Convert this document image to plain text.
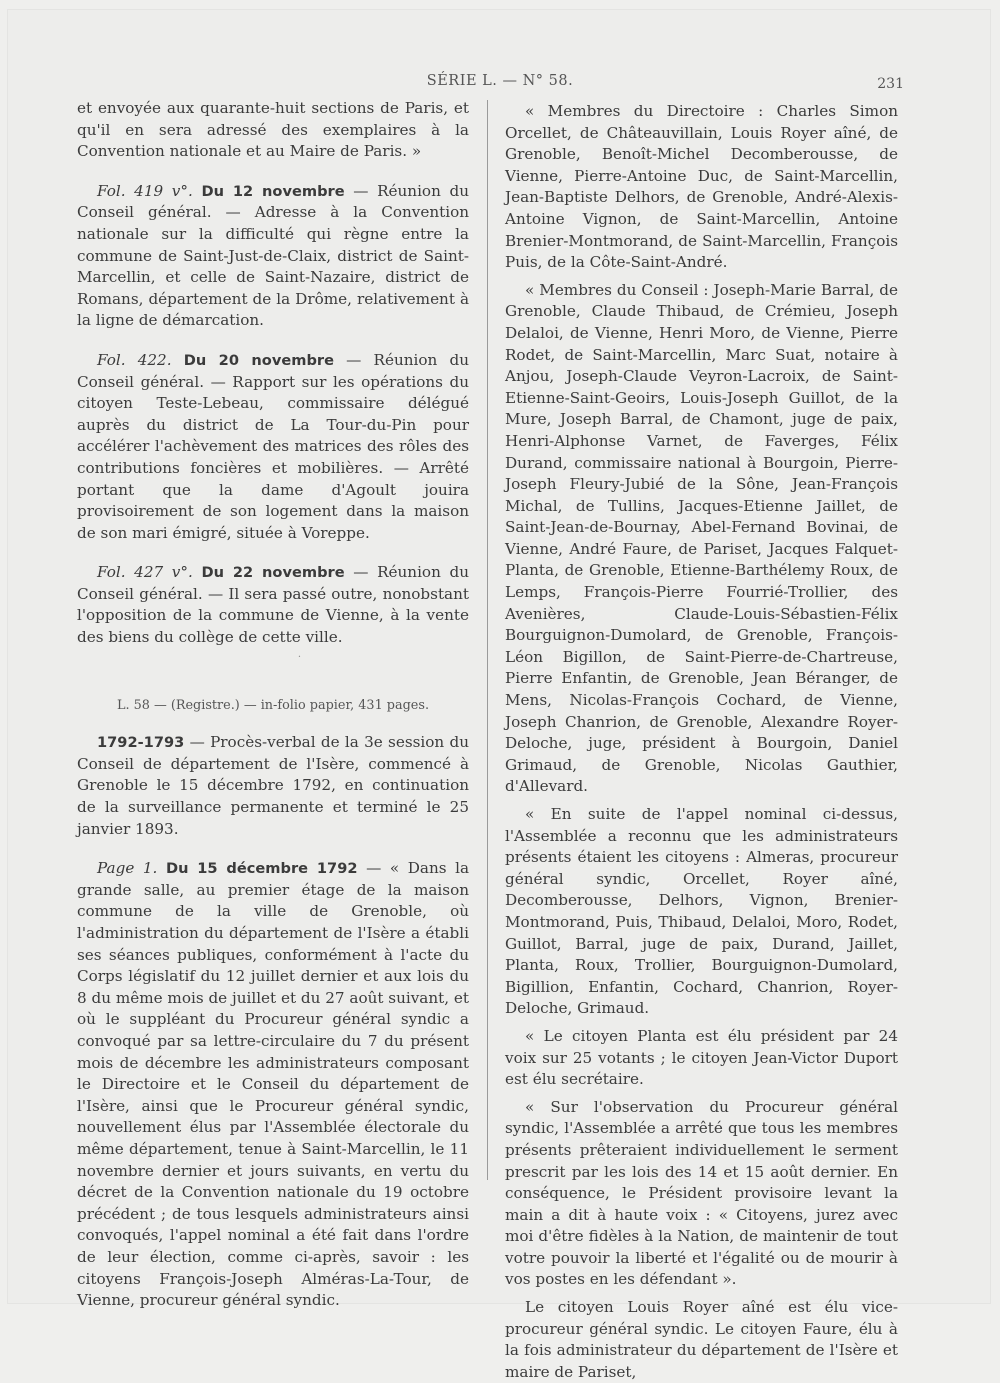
SÉRIE L. — N° 58.	231

et envoyée aux quarante-huit sections de Paris, et qu'il en sera adressé des exemplaires à la Convention nationale et au Maire de Paris. »

Fol. 419 v°. Du 12 novembre — Réunion du Conseil général. — Adresse à la Convention nationale sur la difficulté qui règne entre la commune de Saint-Just-de-Claix, district de Saint-Marcellin, et celle de Saint-Nazaire, district de Romans, département de la Drôme, relativement à la ligne de démarcation.

Fol. 422. Du 20 novembre — Réunion du Conseil général. — Rapport sur les opérations du citoyen Teste-Lebeau, commissaire délégué auprès du district de La Tour-du-Pin pour accélérer l'achèvement des matrices des rôles des contributions foncières et mobilières. — Arrêté portant que la dame d'Agoult jouira provisoirement de son logement dans la maison de son mari émigré, située à Voreppe.

Fol. 427 v°. Du 22 novembre — Réunion du Conseil général. — Il sera passé outre, nonobstant l'opposition de la commune de Vienne, à la vente des biens du collège de cette ville.

.

L. 58 — (Registre.) — in-folio papier, 431 pages.

1792-1793 — Procès-verbal de la 3e session du Conseil de département de l'Isère, commencé à Grenoble le 15 décembre 1792, en continuation de la surveillance permanente et terminé le 25 janvier 1893.

Page 1. Du 15 décembre 1792 — « Dans la grande salle, au premier étage de la maison commune de la ville de Grenoble, où l'administration du département de l'Isère a établi ses séances publiques, conformément à l'acte du Corps législatif du 12 juillet dernier et aux lois du 8 du même mois de juillet et du 27 août suivant, et où le suppléant du Procureur général syndic a convoqué par sa lettre-circulaire du 7 du présent mois de décembre les administrateurs composant le Directoire et le Conseil du département de l'Isère, ainsi que le Procureur général syndic, nouvellement élus par l'Assemblée électorale du même département, tenue à Saint-Marcellin, le 11 novembre dernier et jours suivants, en vertu du décret de la Convention nationale du 19 octobre précédent ; de tous lesquels administrateurs ainsi convoqués, l'appel nominal a été fait dans l'ordre de leur élection, comme ci-après, savoir : les citoyens François-Joseph Alméras-La-Tour, de Vienne, procureur général syndic.

« Membres du Directoire : Charles Simon Orcellet, de Châteauvillain, Louis Royer aîné, de Grenoble, Benoît-Michel Decomberousse, de Vienne, Pierre-Antoine Duc, de Saint-Marcellin, Jean-Baptiste Delhors, de Grenoble, André-Alexis-Antoine Vignon, de Saint-Marcellin, Antoine Brenier-Montmorand, de Saint-Marcellin, François Puis, de la Côte-Saint-André.

« Membres du Conseil : Joseph-Marie Barral, de Grenoble, Claude Thibaud, de Crémieu, Joseph Delaloi, de Vienne, Henri Moro, de Vienne, Pierre Rodet, de Saint-Marcellin, Marc Suat, notaire à Anjou, Joseph-Claude Veyron-Lacroix, de Saint-Etienne-Saint-Geoirs, Louis-Joseph Guillot, de la Mure, Joseph Barral, de Chamont, juge de paix, Henri-Alphonse Varnet, de Faverges, Félix Durand, commissaire national à Bourgoin, Pierre-Joseph Fleury-Jubié de la Sône, Jean-François Michal, de Tullins, Jacques-Etienne Jaillet, de Saint-Jean-de-Bournay, Abel-Fernand Bovinai, de Vienne, André Faure, de Pariset, Jacques Falquet-Planta, de Grenoble, Etienne-Barthélemy Roux, de Lemps, François-Pierre Fourrié-Trollier, des Avenières, Claude-Louis-Sébastien-Félix Bourguignon-Dumolard, de Grenoble, François-Léon Bigillon, de Saint-Pierre-de-Chartreuse, Pierre Enfantin, de Grenoble, Jean Béranger, de Mens, Nicolas-François Cochard, de Vienne, Joseph Chanrion, de Grenoble, Alexandre Royer-Deloche, juge, président à Bourgoin, Daniel Grimaud, de Grenoble, Nicolas Gauthier, d'Allevard.

« En suite de l'appel nominal ci-dessus, l'Assemblée a reconnu que les administrateurs présents étaient les citoyens : Almeras, procureur général syndic, Orcellet, Royer aîné, Decomberousse, Delhors, Vignon, Brenier-Montmorand, Puis, Thibaud, Delaloi, Moro, Rodet, Guillot, Barral, juge de paix, Durand, Jaillet, Planta, Roux, Trollier, Bourguignon-Dumolard, Bigillion, Enfantin, Cochard, Chanrion, Royer-Deloche, Grimaud.

« Le citoyen Planta est élu président par 24 voix sur 25 votants ; le citoyen Jean-Victor Duport est élu secrétaire.

« Sur l'observation du Procureur général syndic, l'Assemblée a arrêté que tous les membres présents prêteraient individuellement le serment prescrit par les lois des 14 et 15 août dernier. En conséquence, le Président provisoire levant la main a dit à haute voix : « Citoyens, jurez avec moi d'être fidèles à la Nation, de maintenir de tout votre pouvoir la liberté et l'égalité ou de mourir à vos postes en les défendant ».

Le citoyen Louis Royer aîné est élu vice-procureur général syndic. Le citoyen Faure, élu à la fois administrateur du département de l'Isère et maire de Pariset,
